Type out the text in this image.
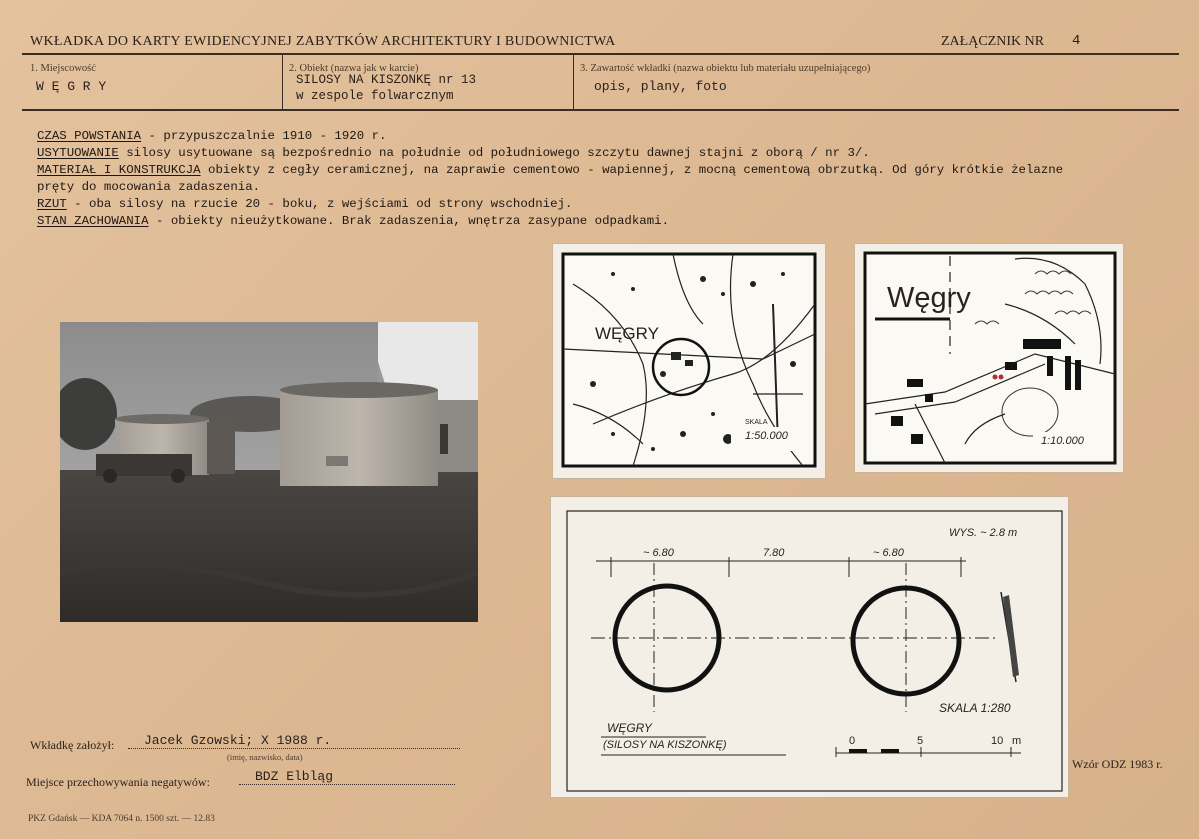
WKŁADKA DO KARTY EWIDENCYJNEJ ZABYTKÓW ARCHITEKTURY I BUDOWNICTWA	ZAŁĄCZNIK NR 4
1. Miejscowość
W Ę G R Y
2. Obiekt (nazwa jak w karcie)
SILOSY NA KISZONKĘ nr 13
w zespole folwarcznym
3. Zawartość wkładki (nazwa obiektu lub materiału uzupełniającego)
opis, plany, foto
CZAS POWSTANIA - przypuszczalnie 1910 - 1920 r.
USYTUOWANIE silosy usytuowane są bezpośrednio na południe od południowego szczytu dawnej stajni z oborą / nr 3/.
MATERIAŁ I KONSTRUKCJA obiekty z cegły ceramicznej, na zaprawie cementowo - wapiennej, z mocną cementową obrzutką. Od góry krótkie żelazne
pręty do mocowania zadaszenia.
RZUT - oba silosy na rzucie 20 - boku, z wejściami od strony wschodniej.
STAN ZACHOWANIA - obiekty nieużytkowane. Brak zadaszenia, wnętrza zasypane odpadkami.
WĘGRY
SKALA
1:50.000
Węgry
1:10.000
WYS. ~ 2.8 m
~ 6.80	7.80	~ 6.80
SKALA 1:280
WĘGRY
(SILOSY NA KISZONKĘ)	0	5	10 m
Wkładkę założył:	Jacek Gzowski; X 1988 r.
(imię, nazwisko, data)
Miejsce przechowywania negatywów:	BDZ Elbląg
Wzór ODZ 1983 r.
PKZ Gdańsk — KDA 7064 n. 1500 szt. — 12.83
